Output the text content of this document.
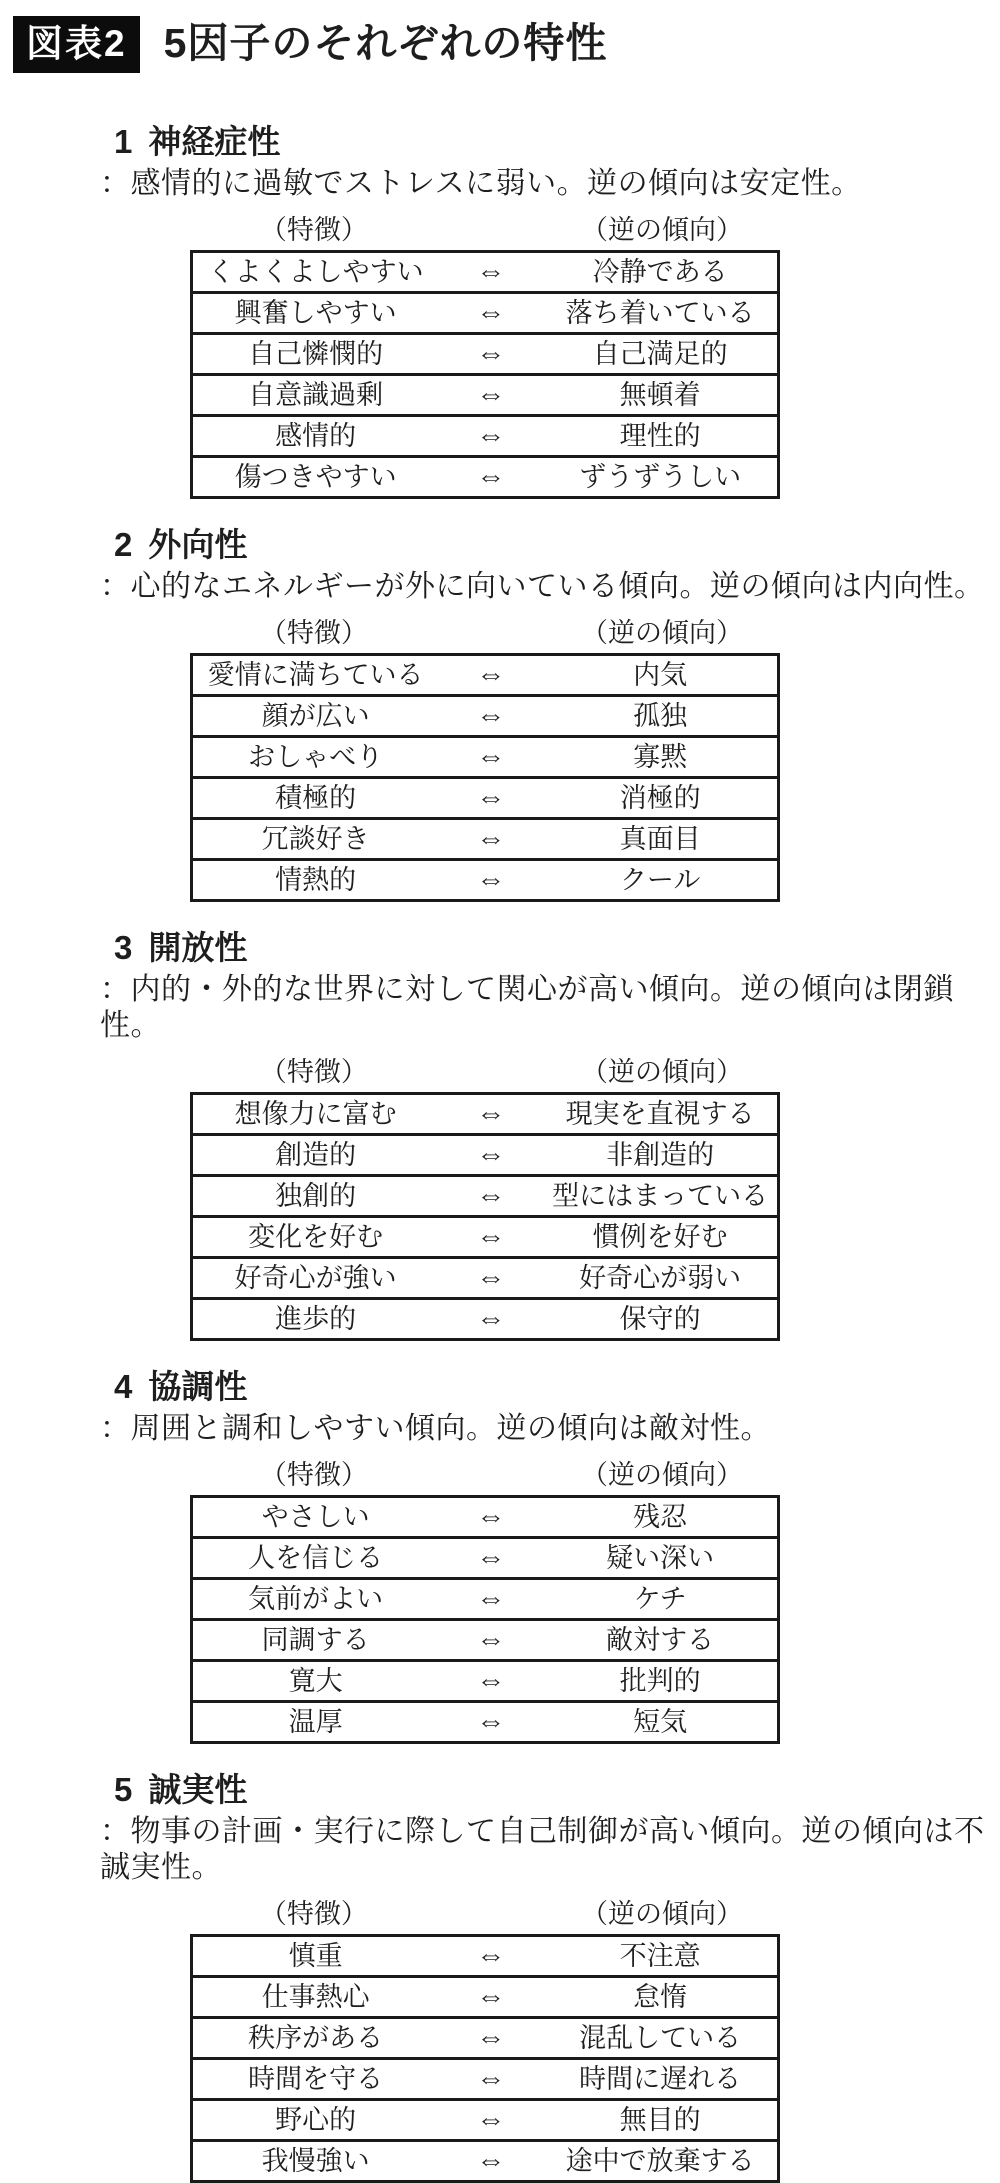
図表2 5因子のそれぞれの特性
1 神経症性
：感情的に過敏でストレスに弱い。逆の傾向は安定性。
（特徴）	（逆の傾向）
くよくよしやすい	⇔	冷静である
興奮しやすい	⇔	落ち着いている
自己憐憫的	⇔	自己満足的
自意識過剰	⇔	無頓着
感情的	⇔	理性的
傷つきやすい	⇔	ずうずうしい
2 外向性
：心的なエネルギーが外に向いている傾向。逆の傾向は内向性。
（特徴）	（逆の傾向）
愛情に満ちている	⇔	内気
顔が広い	⇔	孤独
おしゃべり	⇔	寡黙
積極的	⇔	消極的
冗談好き	⇔	真面目
情熱的	⇔	クール
3 開放性
：内的・外的な世界に対して関心が高い傾向。逆の傾向は閉鎖性。
（特徴）	（逆の傾向）
想像力に富む	⇔	現実を直視する
創造的	⇔	非創造的
独創的	⇔	型にはまっている
変化を好む	⇔	慣例を好む
好奇心が強い	⇔	好奇心が弱い
進歩的	⇔	保守的
4 協調性
：周囲と調和しやすい傾向。逆の傾向は敵対性。
（特徴）	（逆の傾向）
やさしい	⇔	残忍
人を信じる	⇔	疑い深い
気前がよい	⇔	ケチ
同調する	⇔	敵対する
寛大	⇔	批判的
温厚	⇔	短気
5 誠実性
：物事の計画・実行に際して自己制御が高い傾向。逆の傾向は不誠実性。
（特徴）	（逆の傾向）
慎重	⇔	不注意
仕事熱心	⇔	怠惰
秩序がある	⇔	混乱している
時間を守る	⇔	時間に遅れる
野心的	⇔	無目的
我慢強い	⇔	途中で放棄する
